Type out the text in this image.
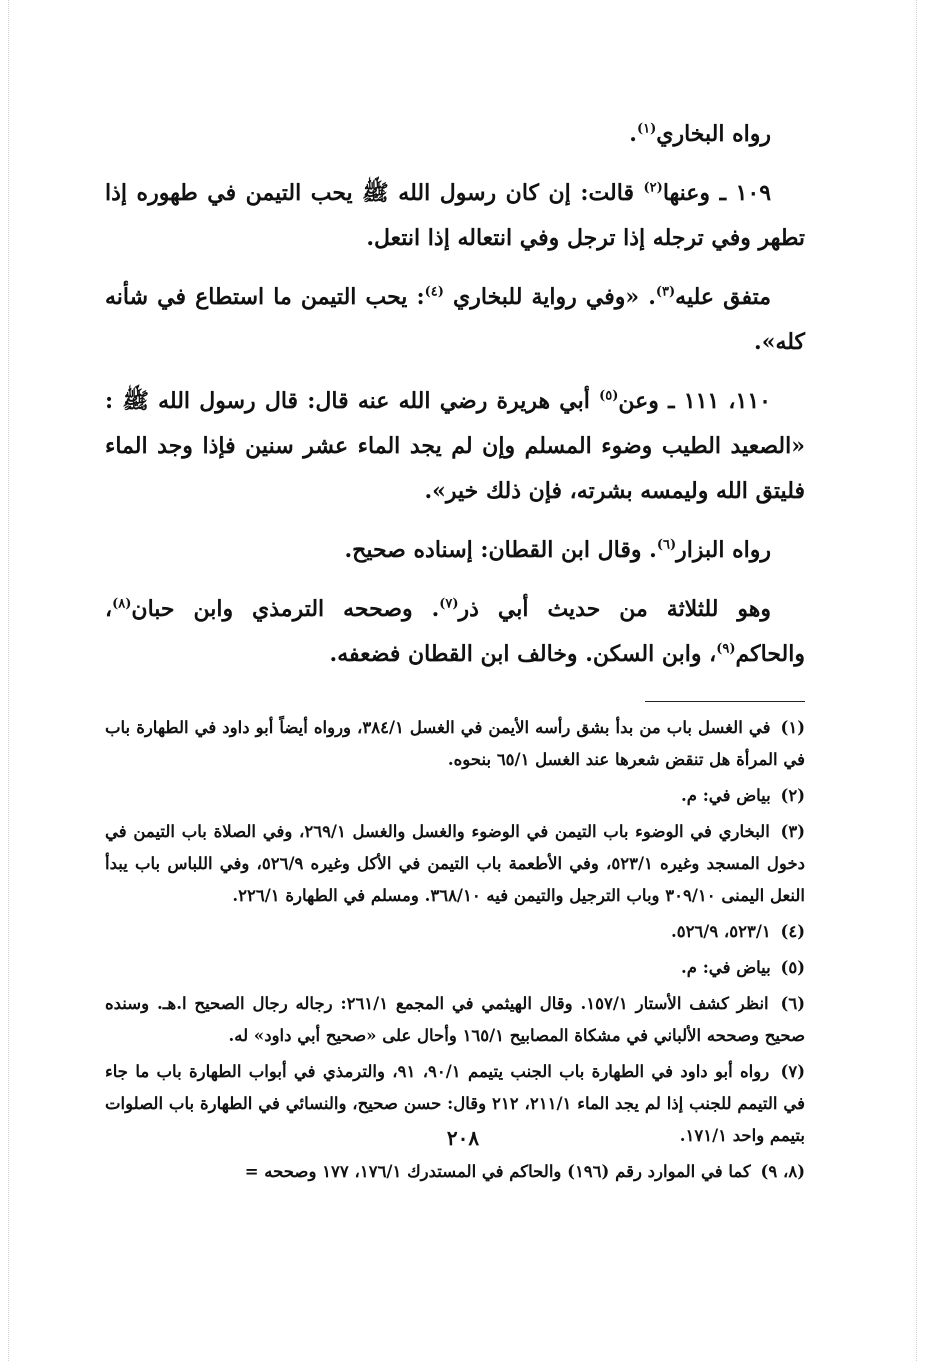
رواه البخاري$^{(١)}$.

١٠٩ ـ وعنها$^{(٢)}$ قالت: إن كان رسول الله ﷺ يحب التيمن في طهوره إذا تطهر وفي ترجله إذا ترجل وفي انتعاله إذا انتعل.

متفق عليه$^{(٣)}$. «وفي رواية للبخاري $^{(٤)}$: يحب التيمن ما استطاع في شأنه كله».

١١٠، ١١١ ـ وعن$^{(٥)}$ أبي هريرة رضي الله عنه قال: قال رسول الله ﷺ : «الصعيد الطيب وضوء المسلم وإن لم يجد الماء عشر سنين فإذا وجد الماء فليتق الله وليمسه بشرته، فإن ذلك خير».

رواه البزار$^{(٦)}$. وقال ابن القطان: إسناده صحيح.

وهو للثلاثة من حديث أبي ذر$^{(٧)}$. وصححه الترمذي وابن حبان$^{(٨)}$، والحاكم$^{(٩)}$، وابن السكن. وخالف ابن القطان فضعفه.

(١) في الغسل باب من بدأ بشق رأسه الأيمن في الغسل ٣٨٤/١، ورواه أيضاً أبو داود في الطهارة باب في المرأة هل تنقض شعرها عند الغسل ٦٥/١ بنحوه.
(٢) بياض في: م.
(٣) البخاري في الوضوء باب التيمن في الوضوء والغسل والغسل ٢٦٩/١، وفي الصلاة باب التيمن في دخول المسجد وغيره ٥٢٣/١، وفي الأطعمة باب التيمن في الأكل وغيره ٥٢٦/٩، وفي اللباس باب يبدأ النعل اليمنى ٣٠٩/١٠ وباب الترجيل والتيمن فيه ٣٦٨/١٠. ومسلم في الطهارة ٢٢٦/١.
(٤) ٥٢٣/١، ٥٢٦/٩.
(٥) بياض في: م.
(٦) انظر كشف الأستار ١٥٧/١. وقال الهيثمي في المجمع ٢٦١/١: رجاله رجال الصحيح ا.هـ. وسنده صحيح وصححه الألباني في مشكاة المصابيح ١٦٥/١ وأحال على «صحيح أبي داود» له.
(٧) رواه أبو داود في الطهارة باب الجنب يتيمم ٩٠/١، ٩١، والترمذي في أبواب الطهارة باب ما جاء في التيمم للجنب إذا لم يجد الماء ٢١١/١، ٢١٢ وقال: حسن صحيح، والنسائي في الطهارة باب الصلوات بتيمم واحد ١٧١/١.
(٨، ٩) كما في الموارد رقم (١٩٦) والحاكم في المستدرك ١٧٦/١، ١٧٧ وصححه =
٢٠٨
